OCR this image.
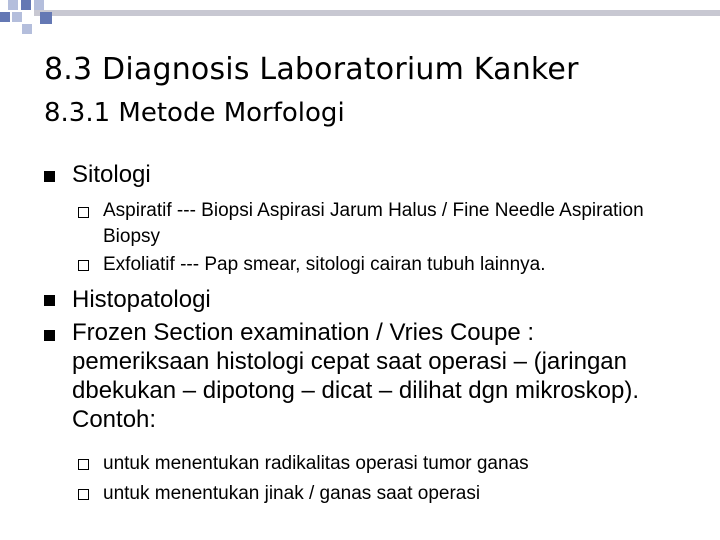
8.3 Diagnosis Laboratorium Kanker
8.3.1 Metode Morfologi
Sitologi
Aspiratif --- Biopsi Aspirasi Jarum Halus / Fine Needle Aspiration Biopsy
Exfoliatif --- Pap smear, sitologi cairan tubuh lainnya.
Histopatologi
Frozen Section examination / Vries Coupe : pemeriksaan histologi cepat saat operasi – (jaringan dbekukan – dipotong – dicat – dilihat dgn mikroskop). Contoh:
untuk menentukan radikalitas operasi tumor ganas
untuk menentukan jinak / ganas saat operasi
